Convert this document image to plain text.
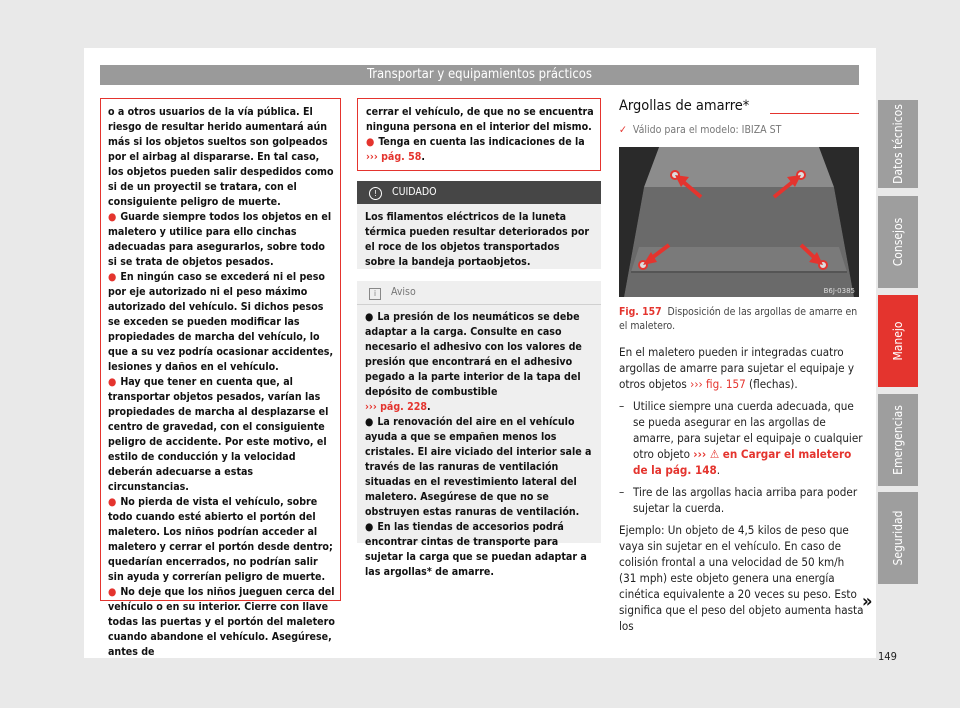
Transportar y equipamientos prácticos

o a otros usuarios de la vía pública. El riesgo de resultar herido aumentará aún más si los objetos sueltos son golpeados por el airbag al dispararse. En tal caso, los objetos pueden salir despedidos como si de un proyectil se tratara, con el consiguiente peligro de muerte.

● Guarde siempre todos los objetos en el maletero y utilice para ello cinchas adecuadas para asegurarlos, sobre todo si se trata de objetos pesados.

● En ningún caso se excederá ni el peso por eje autorizado ni el peso máximo autorizado del vehículo. Si dichos pesos se exceden se pueden modificar las propiedades de marcha del vehículo, lo que a su vez podría ocasionar accidentes, lesiones y daños en el vehículo.

● Hay que tener en cuenta que, al transportar objetos pesados, varían las propiedades de marcha al desplazarse el centro de gravedad, con el consiguiente peligro de accidente. Por este motivo, el estilo de conducción y la velocidad deberán adecuarse a estas circunstancias.

● No pierda de vista el vehículo, sobre todo cuando esté abierto el portón del maletero. Los niños podrían acceder al maletero y cerrar el portón desde dentro; quedarían encerrados, no podrían salir sin ayuda y correrían peligro de muerte.

● No deje que los niños jueguen cerca del vehículo o en su interior. Cierre con llave todas las puertas y el portón del maletero cuando abandone el vehículo. Asegúrese, antes de

cerrar el vehículo, de que no se encuentra ninguna persona en el interior del mismo.

● Tenga en cuenta las indicaciones de la
››› pág. 58.

! CUIDADO
Los filamentos eléctricos de la luneta térmica pueden resultar deteriorados por el roce de los objetos transportados sobre la bandeja portaobjetos.
i Aviso

● La presión de los neumáticos se debe adaptar a la carga. Consulte en caso necesario el adhesivo con los valores de presión que encontrará en el adhesivo pegado a la parte interior de la tapa del depósito de combustible
››› pág. 228.

● La renovación del aire en el vehículo ayuda a que se empañen menos los cristales. El aire viciado del interior sale a través de las ranuras de ventilación situadas en el revestimiento lateral del maletero. Asegúrese de que no se obstruyen estas ranuras de ventilación.

● En las tiendas de accesorios podrá encontrar cintas de transporte para sujetar la carga que se puedan adaptar a las argollas* de amarre.

Argollas de amarre*
✓ Válido para el modelo: IBIZA ST
B6J-0385
Fig. 157 Disposición de las argollas de amarre en el maletero.

En el maletero pueden ir integradas cuatro argollas de amarre para sujetar el equipaje y otros objetos ››› fig. 157 (flechas).

– Utilice siempre una cuerda adecuada, que se pueda asegurar en las argollas de amarre, para sujetar el equipaje o cualquier otro objeto ››› ⚠ en Cargar el maletero de la pág. 148.

– Tire de las argollas hacia arriba para poder sujetar la cuerda.

Ejemplo: Un objeto de 4,5 kilos de peso que vaya sin sujetar en el vehículo. En caso de colisión frontal a una velocidad de 50 km/h (31 mph) este objeto genera una energía cinética equivalente a 20 veces su peso. Esto significa que el peso del objeto aumenta hasta los

»
Datos técnicos
Consejos
Manejo
Emergencias
Seguridad
149
